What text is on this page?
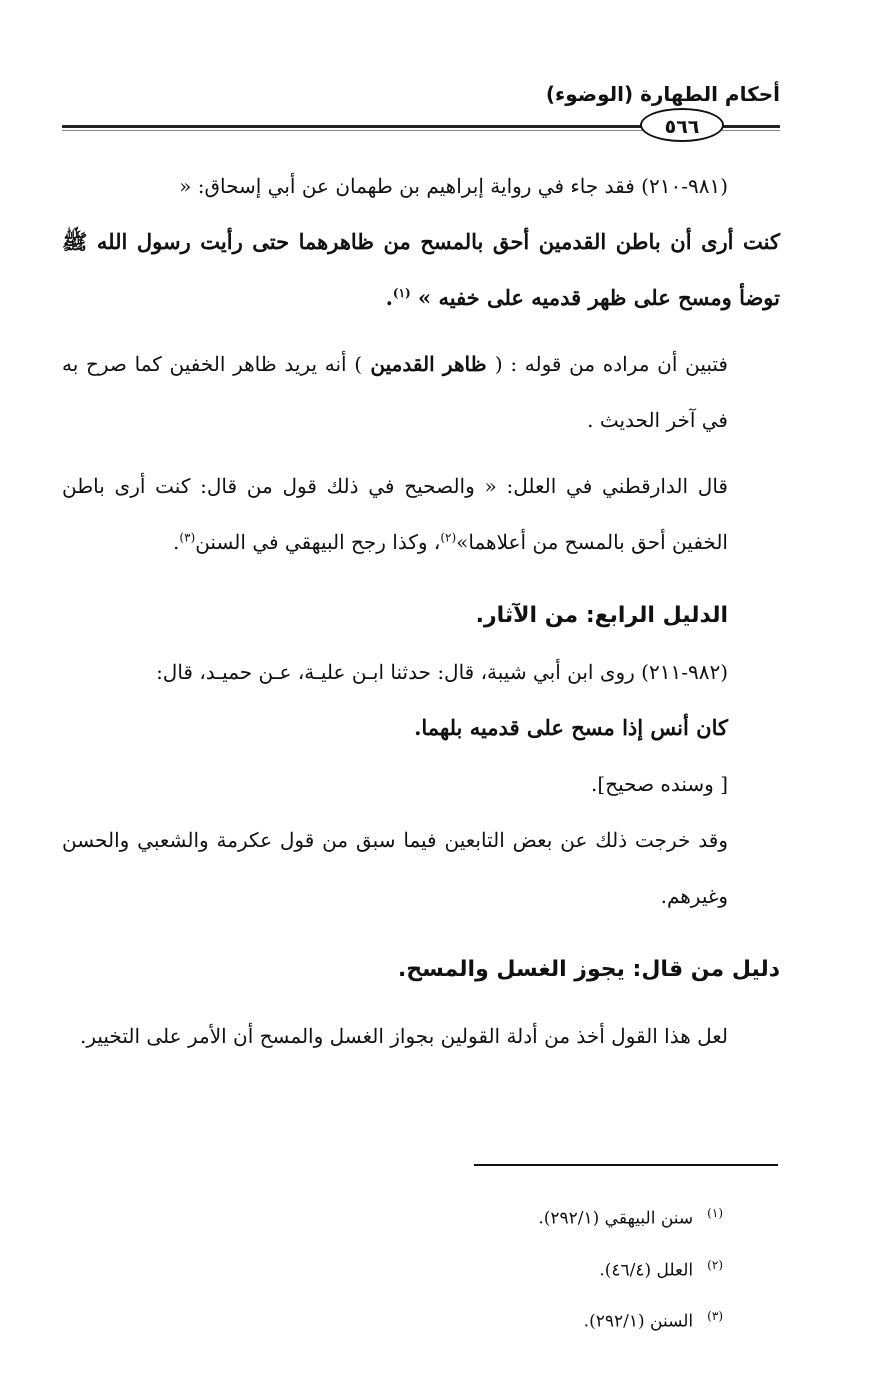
أحكام الطهارة (الوضوء)
٥٦٦

(٩٨١-٢١٠) فقد جاء في رواية إبراهيم بن طهمان عن أبي إسحاق: «

كنت أرى أن باطن القدمين أحق بالمسح من ظاهرهما حتى رأيت رسول الله ﷺ توضأ ومسح على ظهر قدميه على خفيه » $^{(١)}$.

فتبين أن مراده من قوله : ( ظاهر القدمين ) أنه يريد ظاهر الخفين كما صرح به في آخر الحديث .

قال الدارقطني في العلل: « والصحيح في ذلك قول من قال: كنت أرى باطن الخفين أحق بالمسح من أعلاهما»$^{(٢)}$، وكذا رجح البيهقي في السنن$^{(٣)}$.

الدليل الرابع: من الآثار.

(٩٨٢-٢١١) روى ابن أبي شيبة، قال: حدثنا ابـن عليـة، عـن حميـد، قال:

كان أنس إذا مسح على قدميه بلهما.

[ وسنده صحيح].

وقد خرجت ذلك عن بعض التابعين فيما سبق من قول عكرمة والشعبي والحسن وغيرهم.

دليل من قال: يجوز الغسل والمسح.

لعل هذا القول أخذ من أدلة القولين بجواز الغسل والمسح أن الأمر على التخيير.

$^{(١)}$سنن البيهقي (٢٩٢/١).

$^{(٢)}$العلل (٤٦/٤).

$^{(٣)}$السنن (٢٩٢/١).
